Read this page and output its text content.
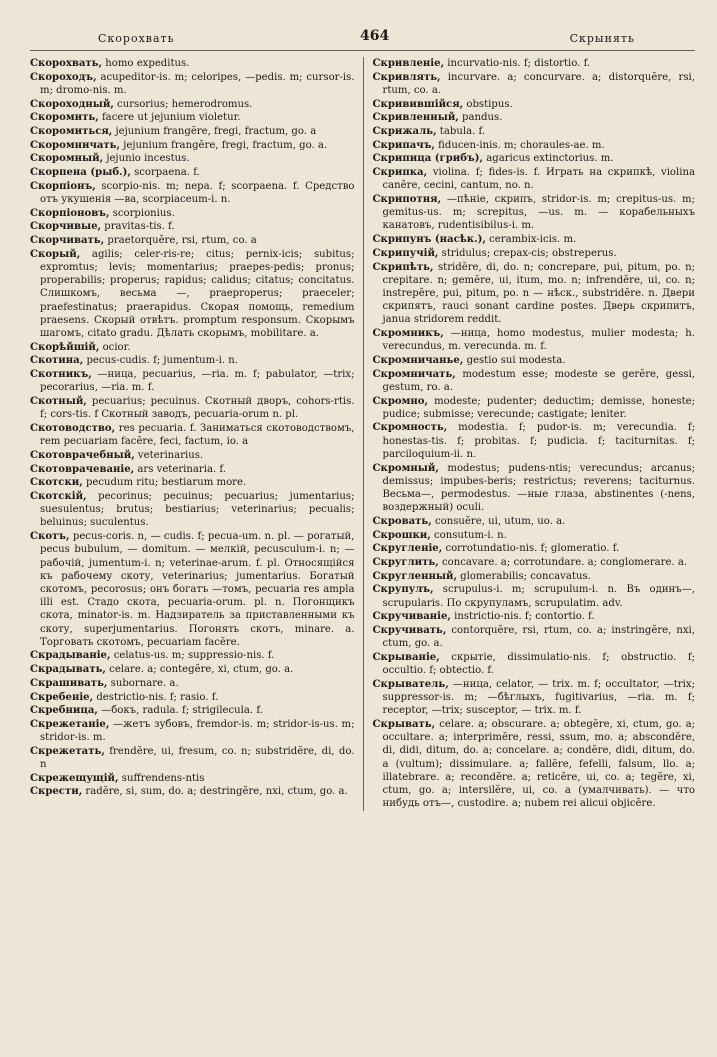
Скорохвать	464	Скрынять

Скорохвать, homo expeditus.

Скороходъ, acupeditor-is. m; celoripes, —pedis. m; cursor-is. m; dromo-nis. m.

Скороходный, cursorius; hemerodromus.

Скоромить, facere ut jejunium violetur.

Скоромиться, jejunium frangĕre, fregi, fractum, go. a

Скоромничать, jejunium frangĕre, fregi, fractum, go. a.

Скоромный, jejunio incestus.

Скорпена (рыб.), scorpaena. f.

Скорпiонъ, scorpio-nis. m; nepa. f; scorpaena. f. Средство отъ укушенiя —ва, scorpiaceum-i. n.

Скорпiоновъ, scorpionius.

Скорчивые, pravitas-tis. f.

Скорчивать, praetorquĕre, rsi, rtum, co. a

Скорый, agilis; celer-ris-re; citus; pernix-icis; subitus; expromtus; levis; momentarius; praepes-pedis; pronus; properabilis; properus; rapidus; calidus; citatus; concitatus. Слишкомъ, весьма —, praeproperus; praeceler; praefestinatus; praerapidus. Скорая помощь, remedium praesens. Скорый отвѣтъ. promptum responsum. Скорымъ шагомъ, citato gradu. Дѣлать скорымъ, mobilitare. a.

Скорѣйшiй, ocior.

Скотина, pecus-cudis. f; jumentum-i. n.

Скотникъ, —ница, pecuarius, —ria. m. f; pabulator, —trix; pecorarius, —ria. m. f.

Скотный, pecuarius; pecuinus. Скотный дворъ, cohors-rtis. f; cors-tis. f Скотный заводъ, pecuaria-orum n. pl.

Скотоводство, res pecuaria. f. Заниматься скотоводствомъ, rem pecuariam facĕre, feci, factum, io. a

Скотоврачебный, veterinarius.

Скотоврачеванiе, ars veterinaria. f.

Скотски, pecudum ritu; bestiarum more.

Скотскiй, pecorinus; pecuinus; pecuarius; jumentarius; suesulentus; brutus; bestiarius; veterinarius; pecualis; beluinus; suculentus.

Скотъ, pecus-coris. n, — cudis. f; pecua-um. n. pl. — рогатый, pecus bubulum, — domitum. — мелкiй, pecusculum-i. n; — рабочiй, jumentum-i. n; veterinae-arum. f. pl. Относящiйся къ рабочему скоту, veterinarius; jumentarius. Богатый скотомъ, pecorosus; онъ богатъ —томъ, pecuaria res ampla illi est. Стадо скота, pecuaria-orum. pl. n. Погонщикъ скота, minator-is. m. Надзиратель за приставленными къ скоту, superjumentarius. Погонять скотъ, minare. a. Торговать скотомъ, pecuariam facĕre.

Скрадыванiе, celatus-us. m; suppressio-nis. f.

Скрадывать, celare. a; contegĕre, xi, ctum, go. a.

Скрашивать, subornare. a.

Скребенiе, destrictio-nis. f; rasio. f.

Скребница, —бокъ, radula. f; strigilecula. f.

Скрежетанiе, —жетъ зубовъ, fremdor-is. m; stridor-is-us. m; stridor-is. m.

Скрежетать, frendĕre, ui, fresum, co. n; substridĕre, di, do. n

Скрежещущiй, suffrendens-ntis

Скрести, radĕre, si, sum, do. a; destringĕre, nxi, ctum, go. a.

Скривленiе, incurvatio-nis. f; distortio. f.

Скривлять, incurvare. a; concurvare. a; distorquĕre, rsi, rtum, co. a.

Скривившiйся, obstipus.

Скривленный, pandus.

Скрижаль, tabula. f.

Скрипачъ, fiducen-inis. m; choraules-ae. m.

Скрипица (грибъ), agaricus extinctorius. m.

Скрипка, violina. f; fides-is. f. Играть на скрипкѣ, violina canĕre, cecini, cantum, no. n.

Скрипотня, —пѣнiе, скрипъ, stridor-is. m; crepitus-us. m; gemitus-us. m; screpitus, —us. m. — корабельныхъ канатовъ, rudentisibilus-i. m.

Скрипунъ (насѣк.), cerambix-icis. m.

Скрипучiй, stridulus; crepax-cis; obstreperus.

Скрипѣть, stridĕre, di, do. n; concrepare, pui, pitum, po. n; crepitare. n; gemĕre, ui, itum, mo. n; infrendĕre, ui, co. n; instrepĕre, pui, pitum, po. n — нѣск., substridĕre. n. Двери скрипятъ, rauci sonant cardine postes. Дверь скрипитъ, janua stridorem reddit.

Скромникъ, —ница, homo modestus, mulier modesta; h. verecundus, m. verecunda. m. f.

Скромничанье, gestio sui modesta.

Скромничать, modestum esse; modeste se gerĕre, gessi, gestum, ro. a.

Скромно, modeste; pudenter; deductim; demisse, honeste; pudice; submisse; verecunde; castigate; leniter.

Скромность, modestia. f; pudor-is. m; verecundia. f; honestas-tis. f; probitas. f; pudicia. f; taciturnitas. f; parciloquium-ii. n.

Скромный, modestus; pudens-ntis; verecundus; arcanus; demissus; impubes-beris; restrictus; reverens; taciturnus. Весьма—, permodestus. —ные глаза, abstinentes (-nens, воздержный) oculi.

Скровать, consuĕre, ui, utum, uo. a.

Скрошки, consutum-i. n.

Скругленiе, corrotundatio-nis. f; glomeratio. f.

Скруглить, concavare. a; corrotundare. a; conglomerare. a.

Скругленный, glomerabilis; concavatus.

Скрупулъ, scrupulus-i. m; scrupulum-i. n. Въ одинъ—, scrupularis. По скрупуламъ, scrupulatim. adv.

Скручиванiе, instrictio-nis. f; contortio. f.

Скручивать, contorquĕre, rsi, rtum, co. a; instringĕre, nxi, ctum, go. a.

Скрыванiе, скрытiе, dissimulatio-nis. f; obstructio. f; occultio. f; obtectio. f.

Скрыватель, —ница, celator, — trix. m. f; occultator, —trix; suppressor-is. m; —бѣглыхъ, fugitivarius, —ria. m. f; receptor, —trix; susceptor, — trix. m. f.

Скрывать, celare. a; obscurare. a; obtegĕre, xi, ctum, go. a; occultare. a; interprimĕre, ressi, ssum, mo. a; abscondĕre, di, didi, ditum, do. a; concelare. a; condĕre, didi, ditum, do. a (vultum); dissimulare. a; fallĕre, fefelli, falsum, llo. a; illatebrare. a; recondĕre. a; reticĕre, ui, co. a; tegĕre, xi, ctum, go. a; intersilĕre, ui, co. a (умалчивать). — что нибудь отъ—, custodire. a; nubem rei alicui objicĕre.
